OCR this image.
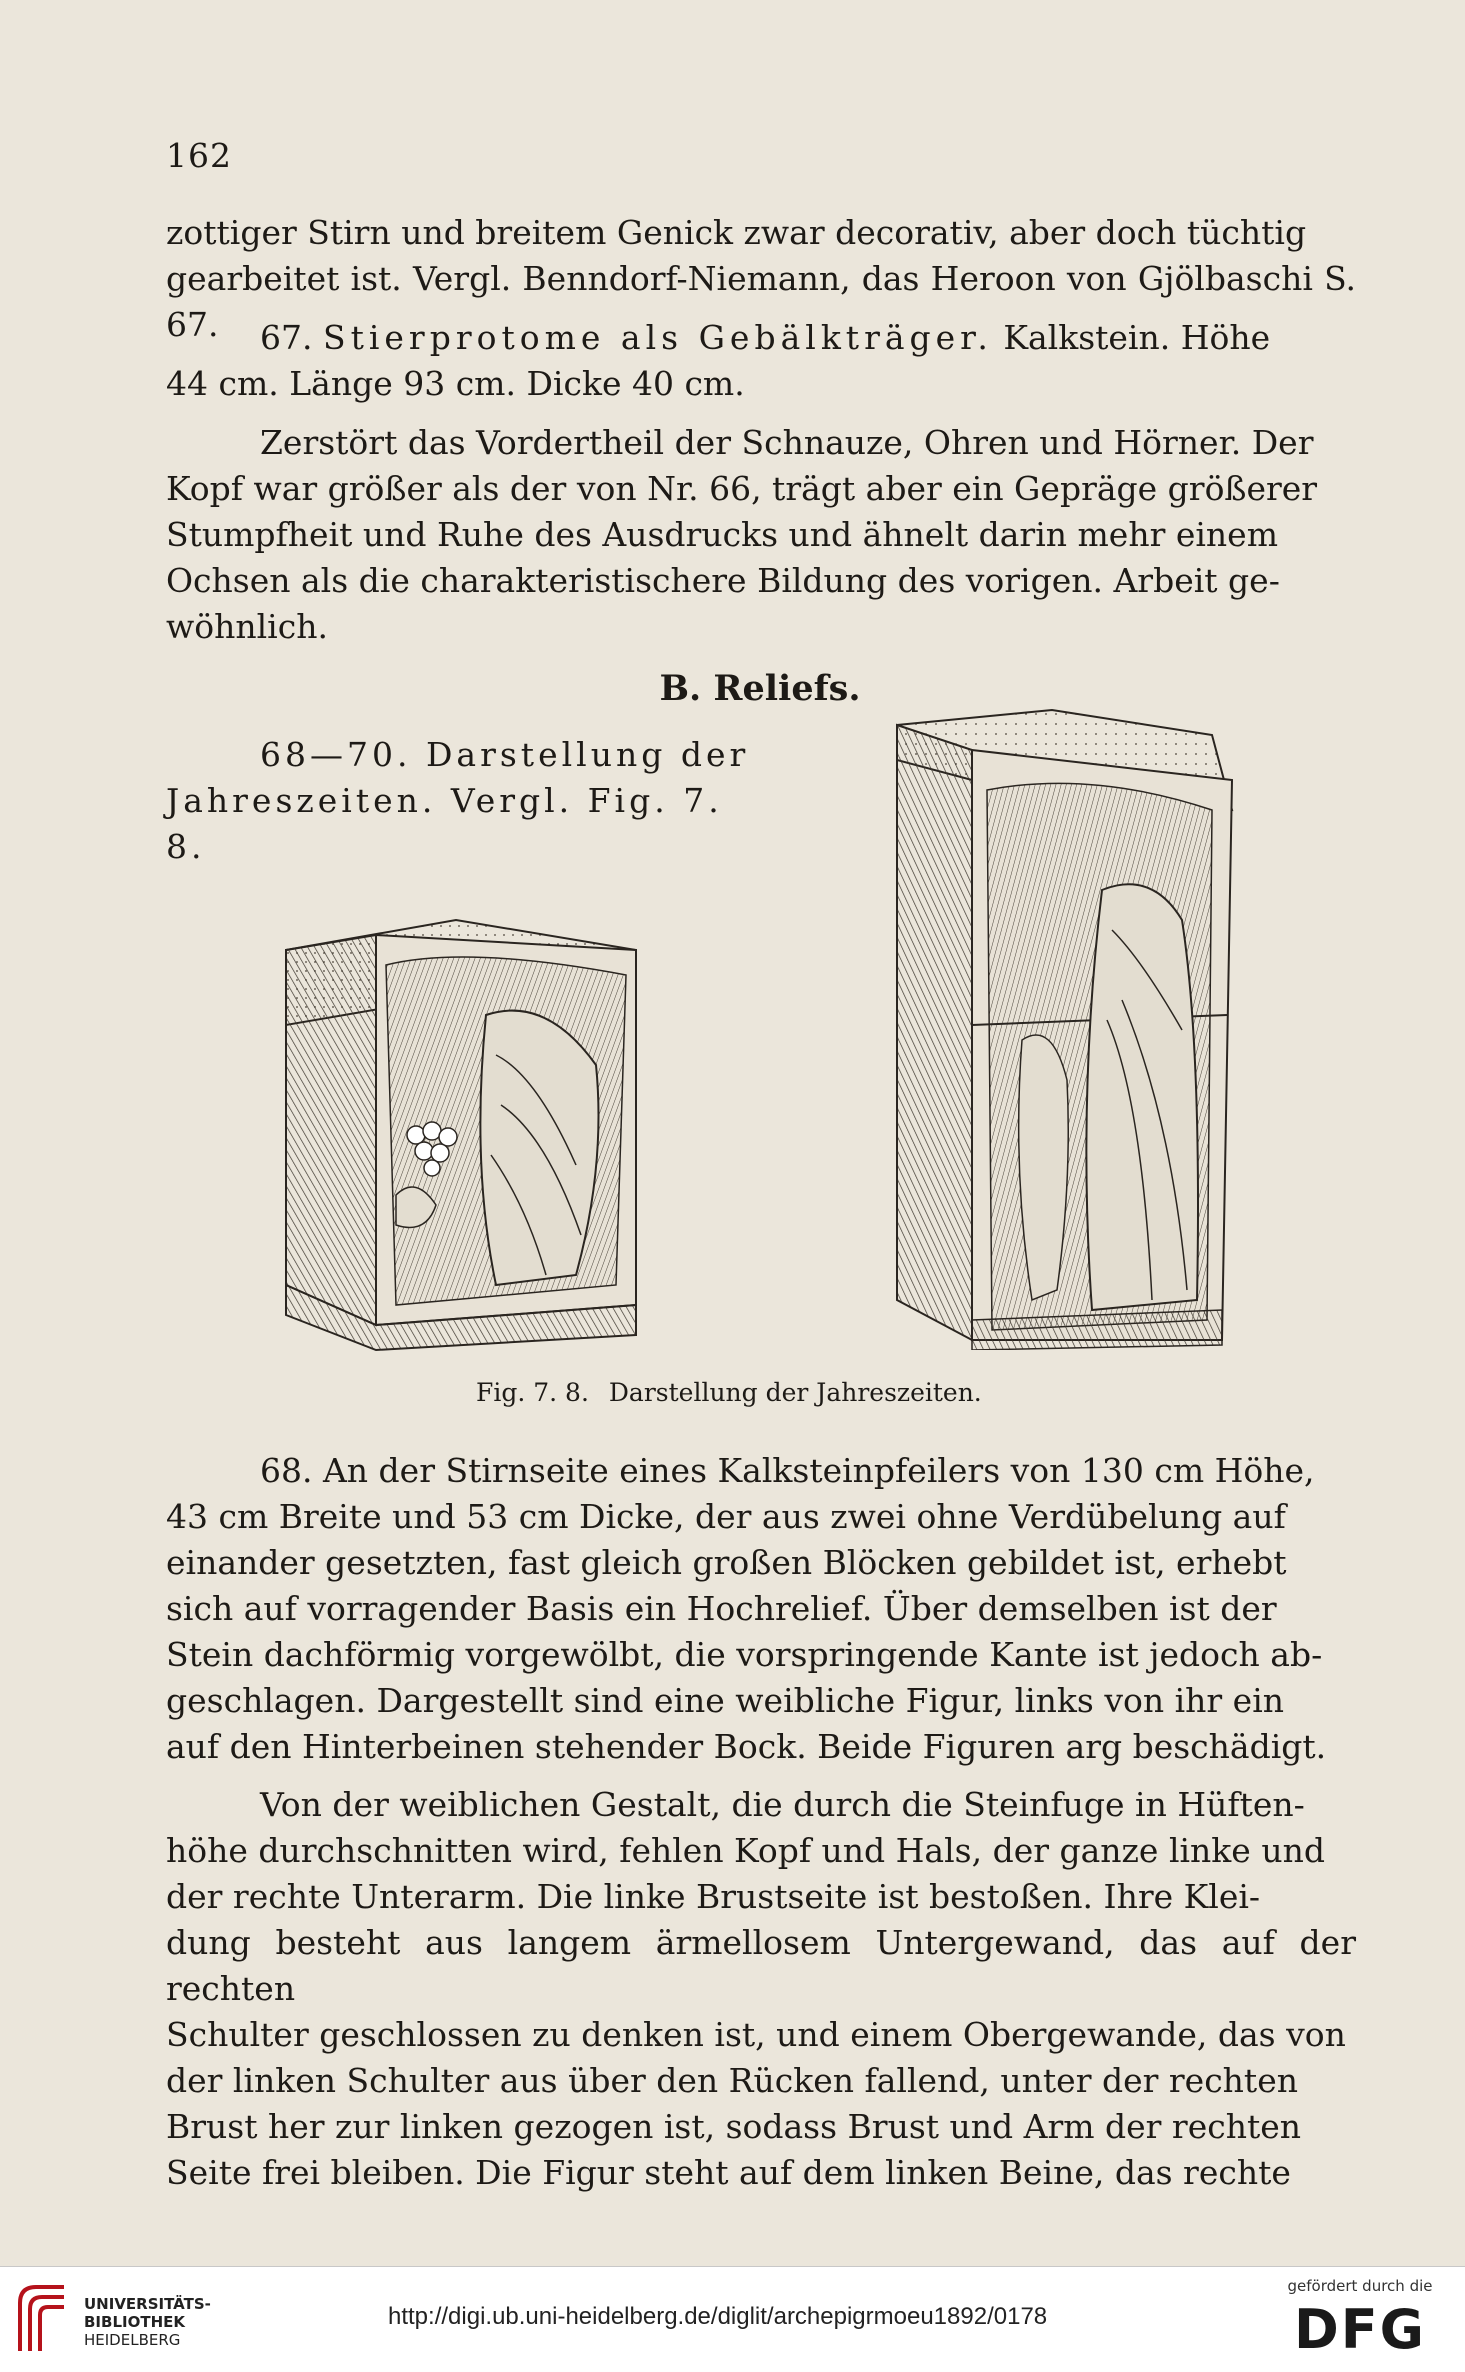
162
zottiger Stirn und breitem Genick zwar decorativ, aber doch tüchtig
gearbeitet ist. Vergl. Benndorf-Niemann, das Heroon von Gjölbaschi S. 67.	67. Stierprotome als Gebälkträger. Kalkstein. Höhe
44 cm. Länge 93 cm. Dicke 40 cm.
Zerstört das Vordertheil der Schnauze, Ohren und Hörner. Der
Kopf war größer als der von Nr. 66, trägt aber ein Gepräge größerer
Stumpfheit und Ruhe des Ausdrucks und ähnelt darin mehr einem
Ochsen als die charakteristischere Bildung des vorigen. Arbeit ge-
wöhnlich.
B. Reliefs.
68—70. Darstellung der
Jahreszeiten. Vergl. Fig. 7. 8.
Fig. 7. 8. Darstellung der Jahreszeiten.
68. An der Stirnseite eines Kalksteinpfeilers von 130 cm Höhe,
43 cm Breite und 53 cm Dicke, der aus zwei ohne Verdübelung auf
einander gesetzten, fast gleich großen Blöcken gebildet ist, erhebt
sich auf vorragender Basis ein Hochrelief. Über demselben ist der
Stein dachförmig vorgewölbt, die vorspringende Kante ist jedoch ab-
geschlagen. Dargestellt sind eine weibliche Figur, links von ihr ein
auf den Hinterbeinen stehender Bock. Beide Figuren arg beschädigt.
Von der weiblichen Gestalt, die durch die Steinfuge in Hüften-
höhe durchschnitten wird, fehlen Kopf und Hals, der ganze linke und
der rechte Unterarm. Die linke Brustseite ist bestoßen. Ihre Klei-
dung besteht aus langem ärmellosem Untergewand, das auf der rechten
Schulter geschlossen zu denken ist, und einem Obergewande, das von
der linken Schulter aus über den Rücken fallend, unter der rechten
Brust her zur linken gezogen ist, sodass Brust und Arm der rechten
Seite frei bleiben. Die Figur steht auf dem linken Beine, das rechte
UNIVERSITÄTS-
BIBLIOTHEK
HEIDELBERG
http://digi.ub.uni-heidelberg.de/diglit/archepigrmoeu1892/0178
gefördert durch die
DFG
